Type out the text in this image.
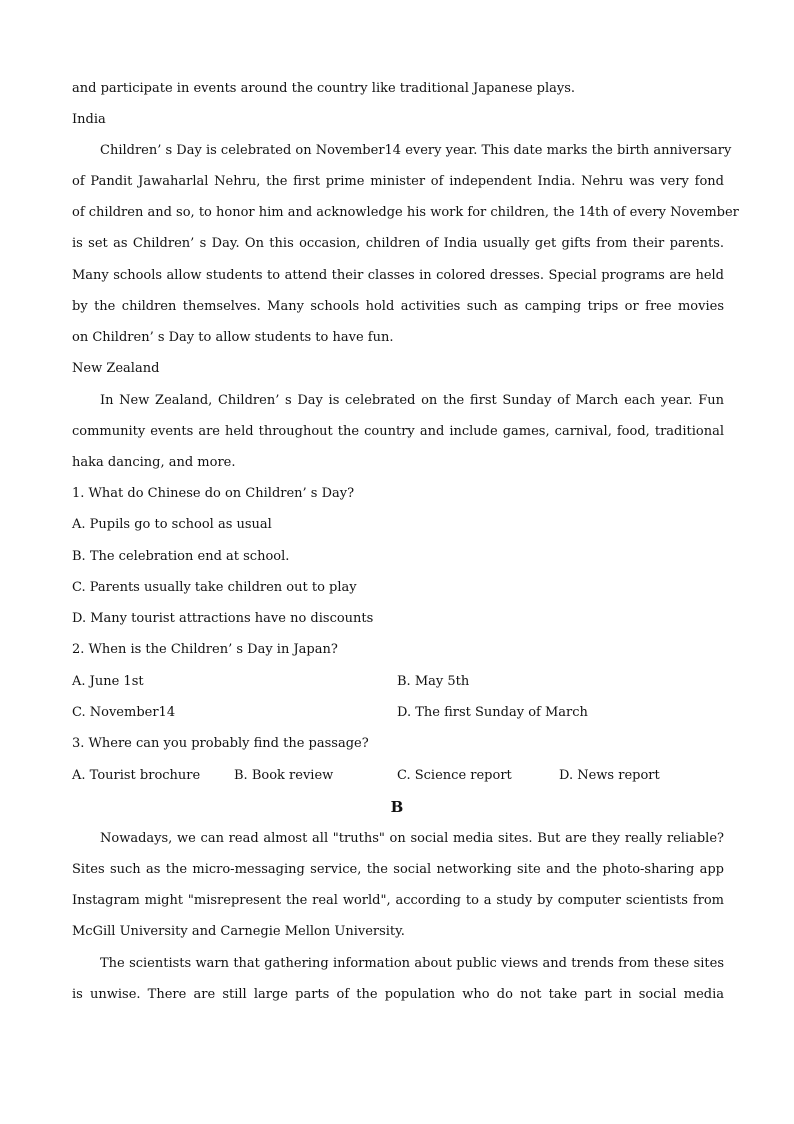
and participate in events around the country like traditional Japanese plays.
India
Children’ s Day is celebrated on November14 every year. This date marks the birth anniversary
of Pandit Jawaharlal Nehru, the first prime minister of independent India. Nehru was very fond
of children and so, to honor him and acknowledge his work for children, the 14th of every November
is set as Children’ s Day. On this occasion, children of India usually get gifts from their parents.
Many schools allow students to attend their classes in colored dresses. Special programs are held
by the children themselves. Many schools hold activities such as camping trips or free movies
on Children’ s Day to allow students to have fun.
New Zealand
In New Zealand, Children’ s Day is celebrated on the first Sunday of March each year. Fun
community events are held throughout the country and include games, carnival, food, traditional
haka dancing, and more.
1. What do Chinese do on Children’ s Day?
A. Pupils go to school as usual
B. The celebration end at school.
C. Parents usually take children out to play
D. Many tourist attractions have no discounts
2. When is the Children’ s Day in Japan?
A. June 1st	B. May 5th
C. November14	D. The first Sunday of March
3. Where can you probably find the passage?
A. Tourist brochure	B. Book review	C. Science report	D. News report
B
Nowadays, we can read almost all "truths" on social media sites. But are they really reliable?
Sites such as the micro-messaging service, the social networking site and the photo-sharing app
Instagram might "misrepresent the real world", according to a study by computer scientists from
McGill University and Carnegie Mellon University.
The scientists warn that gathering information about public views and trends from these sites
is unwise. There are still large parts of the population who do not take part in social media
